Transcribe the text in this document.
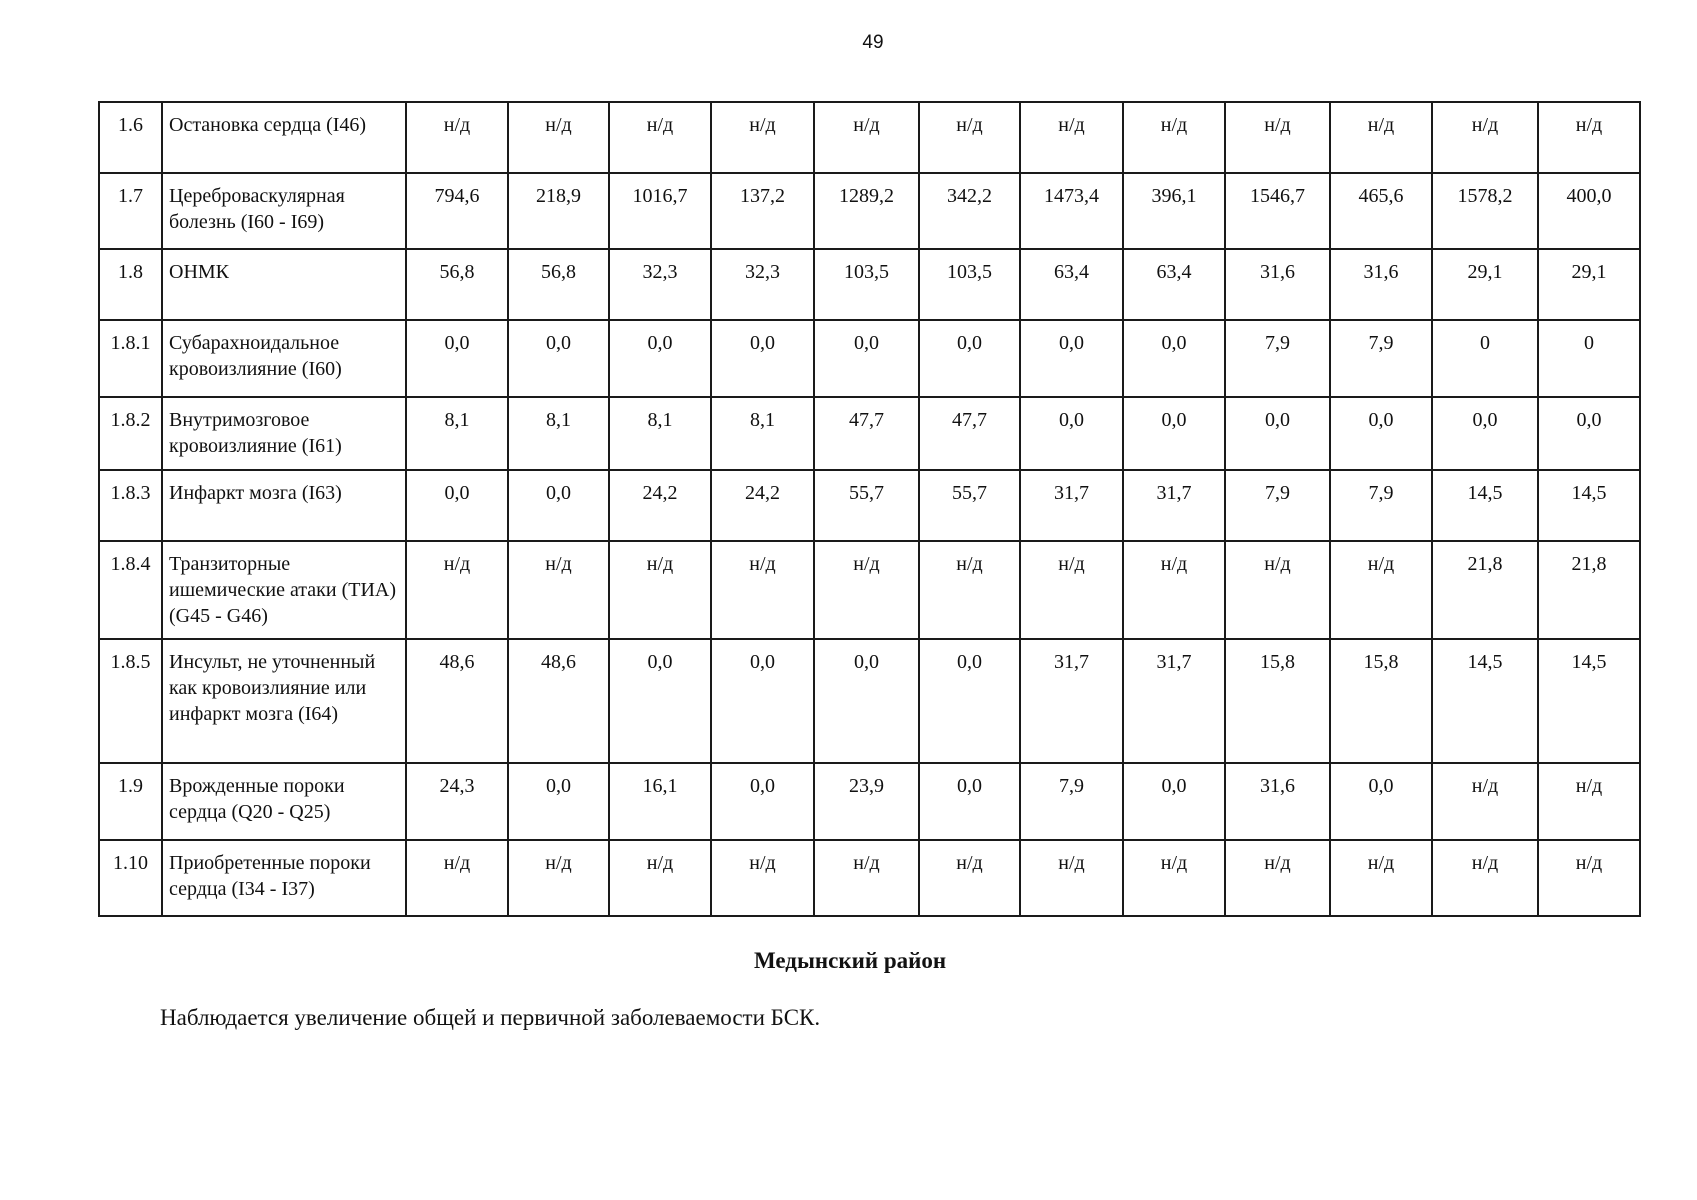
49
1.6	Остановка сердца (I46)	н/д	н/д	н/д	н/д	н/д	н/д	н/д	н/д	н/д	н/д	н/д	н/д
1.7	Цереброваскулярная болезнь (I60 - I69)	794,6	218,9	1016,7	137,2	1289,2	342,2	1473,4	396,1	1546,7	465,6	1578,2	400,0
1.8	ОНМК	56,8	56,8	32,3	32,3	103,5	103,5	63,4	63,4	31,6	31,6	29,1	29,1
1.8.1	Субарахноидальное кровоизлияние (I60)	0,0	0,0	0,0	0,0	0,0	0,0	0,0	0,0	7,9	7,9	0	0
1.8.2	Внутримозговое кровоизлияние (I61)	8,1	8,1	8,1	8,1	47,7	47,7	0,0	0,0	0,0	0,0	0,0	0,0
1.8.3	Инфаркт мозга (I63)	0,0	0,0	24,2	24,2	55,7	55,7	31,7	31,7	7,9	7,9	14,5	14,5
1.8.4	Транзиторные ишемические атаки (ТИА) (G45 - G46)	н/д	н/д	н/д	н/д	н/д	н/д	н/д	н/д	н/д	н/д	21,8	21,8
1.8.5	Инсульт, не уточненный как кровоизлияние или инфаркт мозга (I64)	48,6	48,6	0,0	0,0	0,0	0,0	31,7	31,7	15,8	15,8	14,5	14,5
1.9	Врожденные пороки сердца (Q20 - Q25)	24,3	0,0	16,1	0,0	23,9	0,0	7,9	0,0	31,6	0,0	н/д	н/д
1.10	Приобретенные пороки сердца (I34 - I37)	н/д	н/д	н/д	н/д	н/д	н/д	н/д	н/д	н/д	н/д	н/д	н/д
Медынский район
Наблюдается увеличение общей и первичной заболеваемости БСК.
